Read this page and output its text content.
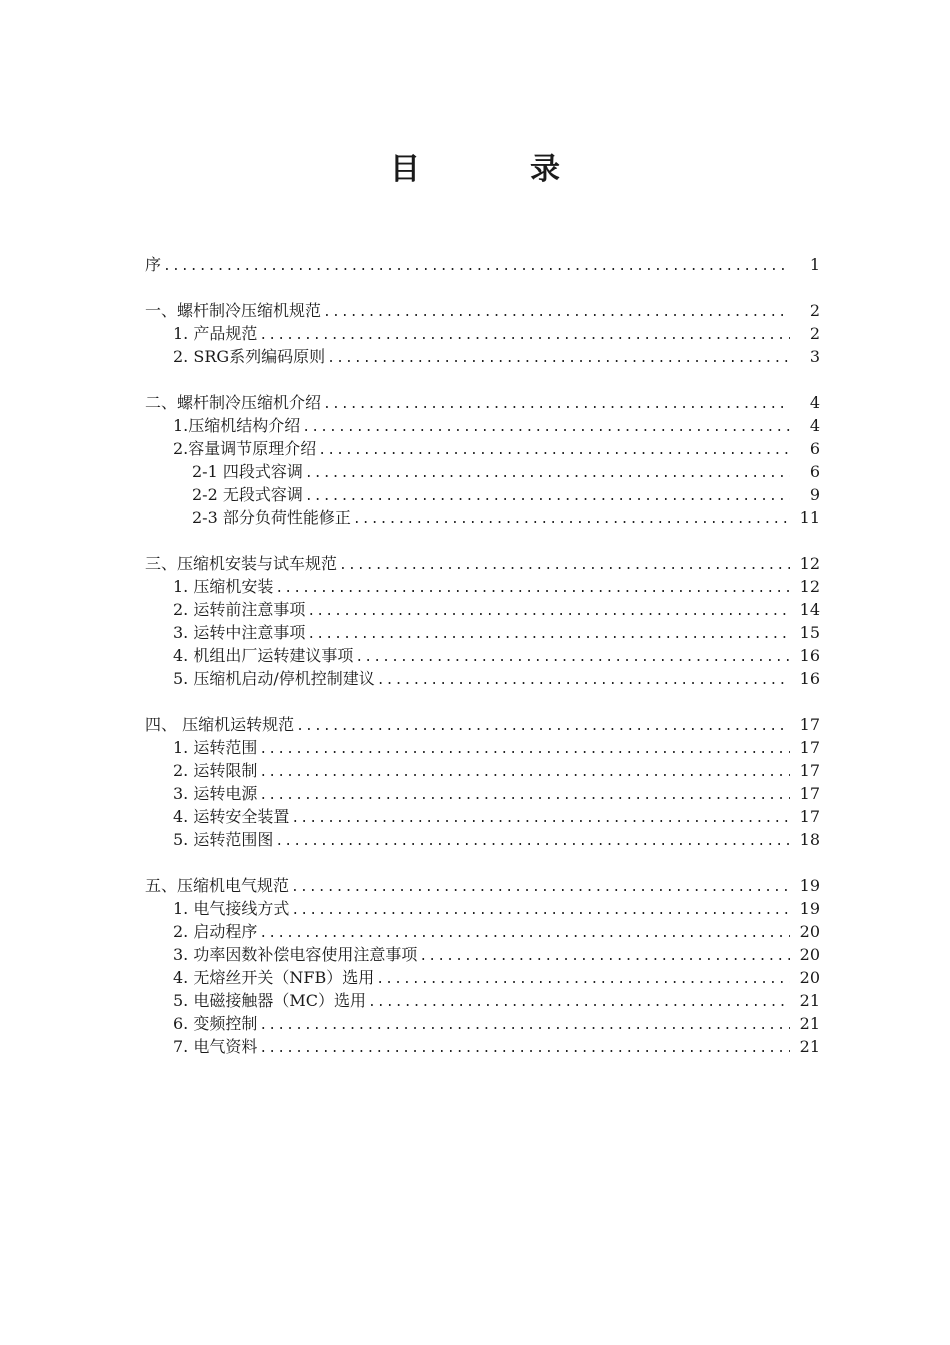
目　录
序 .....	1
一、螺杆制冷压缩机规范 .....	2
1. 产品规范 .....	2
2. SRG系列编码原则 .....	3
二、螺杆制冷压缩机介绍 .....	4
1.压缩机结构介绍 .....	4
2.容量调节原理介绍 .....	6
2-1 四段式容调 .....	6
2-2 无段式容调 .....	9
2-3 部分负荷性能修正 .....	11
三、压缩机安装与试车规范 .....	12
1. 压缩机安装 .....	12
2. 运转前注意事项 .....	14
3. 运转中注意事项 .....	15
4. 机组出厂运转建议事项 .....	16
5. 压缩机启动/停机控制建议 .....	16
四、 压缩机运转规范 .....	17
1. 运转范围 .....	17
2. 运转限制 .....	17
3. 运转电源 .....	17
4. 运转安全装置 .....	17
5. 运转范围图 .....	18
五、压缩机电气规范 .....	19
1. 电气接线方式 .....	19
2. 启动程序 .....	20
3. 功率因数补偿电容使用注意事项 .....	20
4. 无熔丝开关（NFB）选用 .....	20
5. 电磁接触器（MC）选用 .....	21
6. 变频控制 .....	21
7. 电气资料 .....	21
